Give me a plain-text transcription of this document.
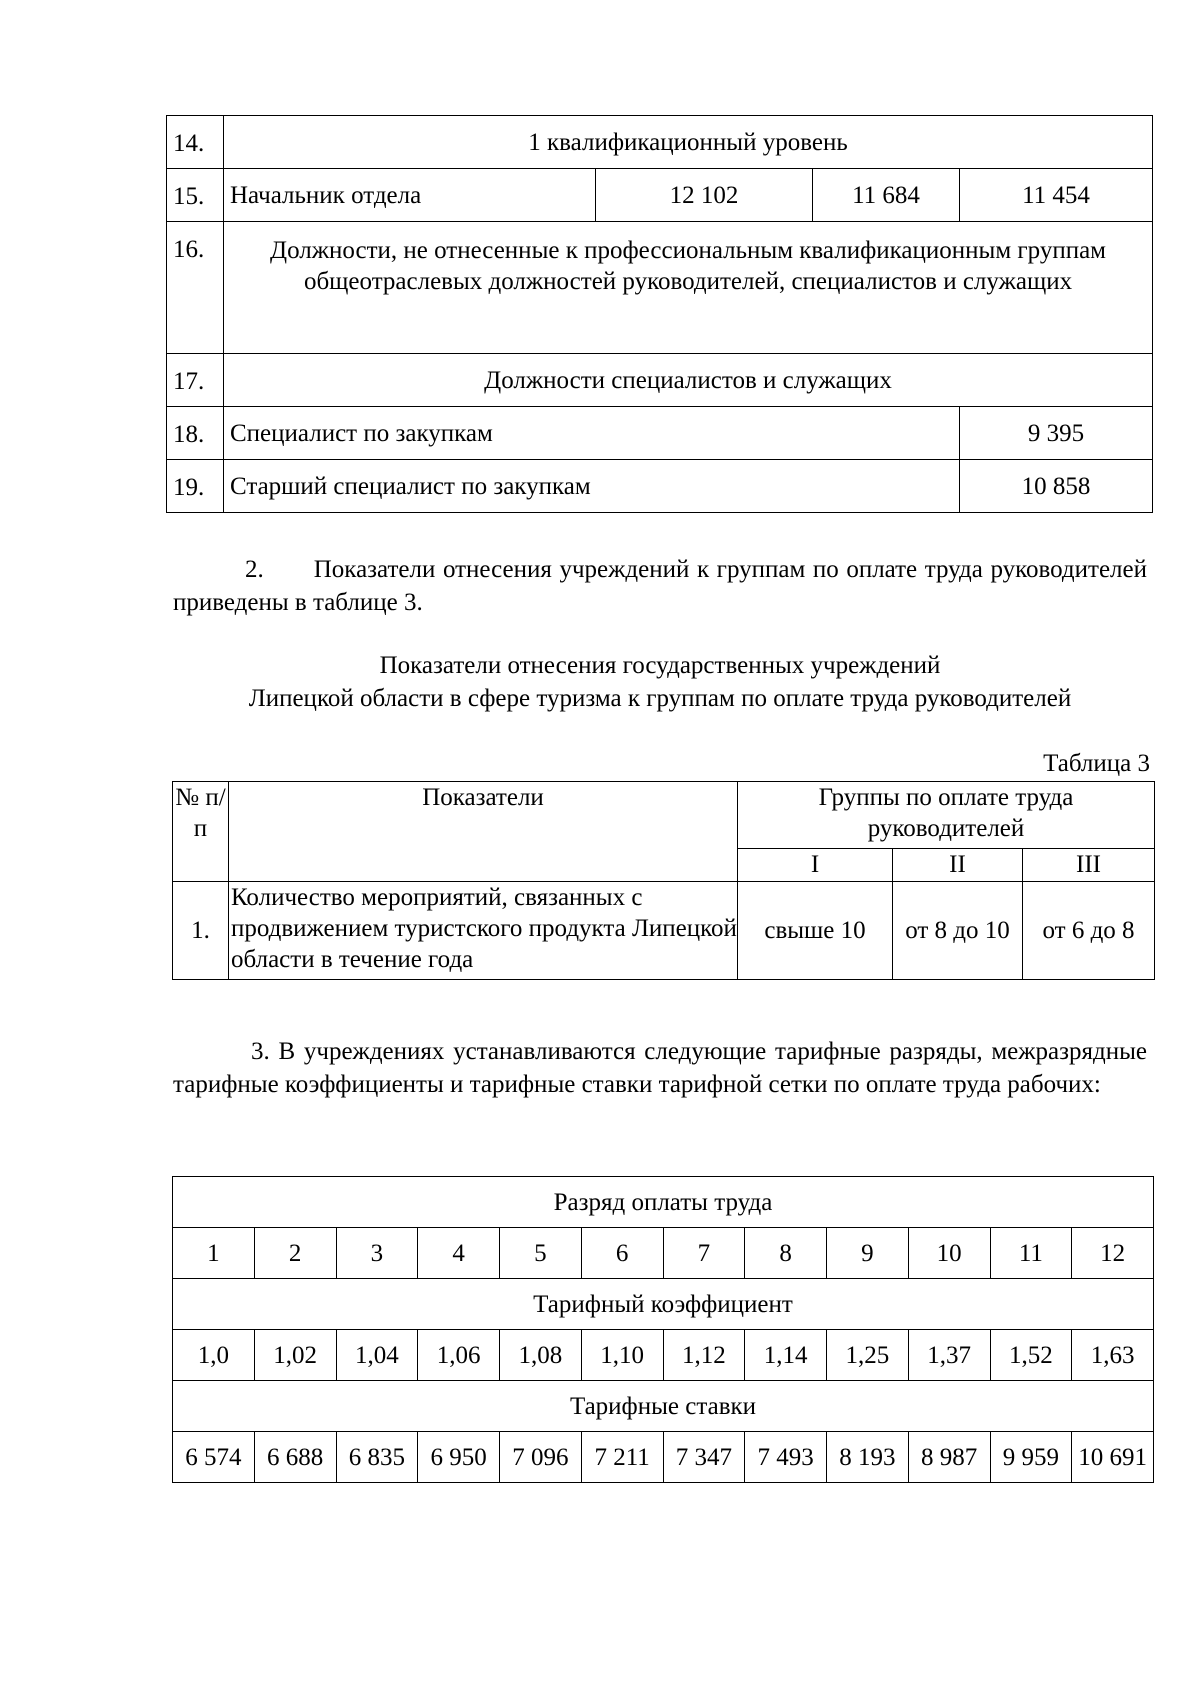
14.	1 квалификационный уровень			
15.	Начальник отдела	12 102	11 684	11 454
16.	Должности, не отнесенные к профессиональным квалификационным группам общеотраслевых должностей руководителей, специалистов и служащих			
17.	Должности специалистов и служащих			
18.	Специалист по закупкам			9 395
19.	Старший специалист по закупкам			10 858

2.  Показатели отнесения учреждений к группам по оплате труда руководителей приведены в таблице 3.

Показатели отнесения государственных учреждений

Липецкой области в сфере туризма к группам по оплате труда руководителей

Таблица 3

№ п/п	Показатели	Группы по оплате труда руководителей		
		I	II	III
1.	Количество мероприятий, связанных с продвижением туристского продукта Липецкой области в течение года	свыше 10	от 8 до 10	от 6 до 8

3. В учреждениях устанавливаются следующие тарифные разряды, межразрядные тарифные коэффициенты и тарифные ставки тарифной сетки по оплате труда рабочих:

Разряд оплаты труда											
1	2	3	4	5	6	7	8	9	10	11	12
Тарифный коэффициент											
1,0	1,02	1,04	1,06	1,08	1,10	1,12	1,14	1,25	1,37	1,52	1,63
Тарифные ставки											
6 574	6 688	6 835	6 950	7 096	7 211	7 347	7 493	8 193	8 987	9 959	10 691
